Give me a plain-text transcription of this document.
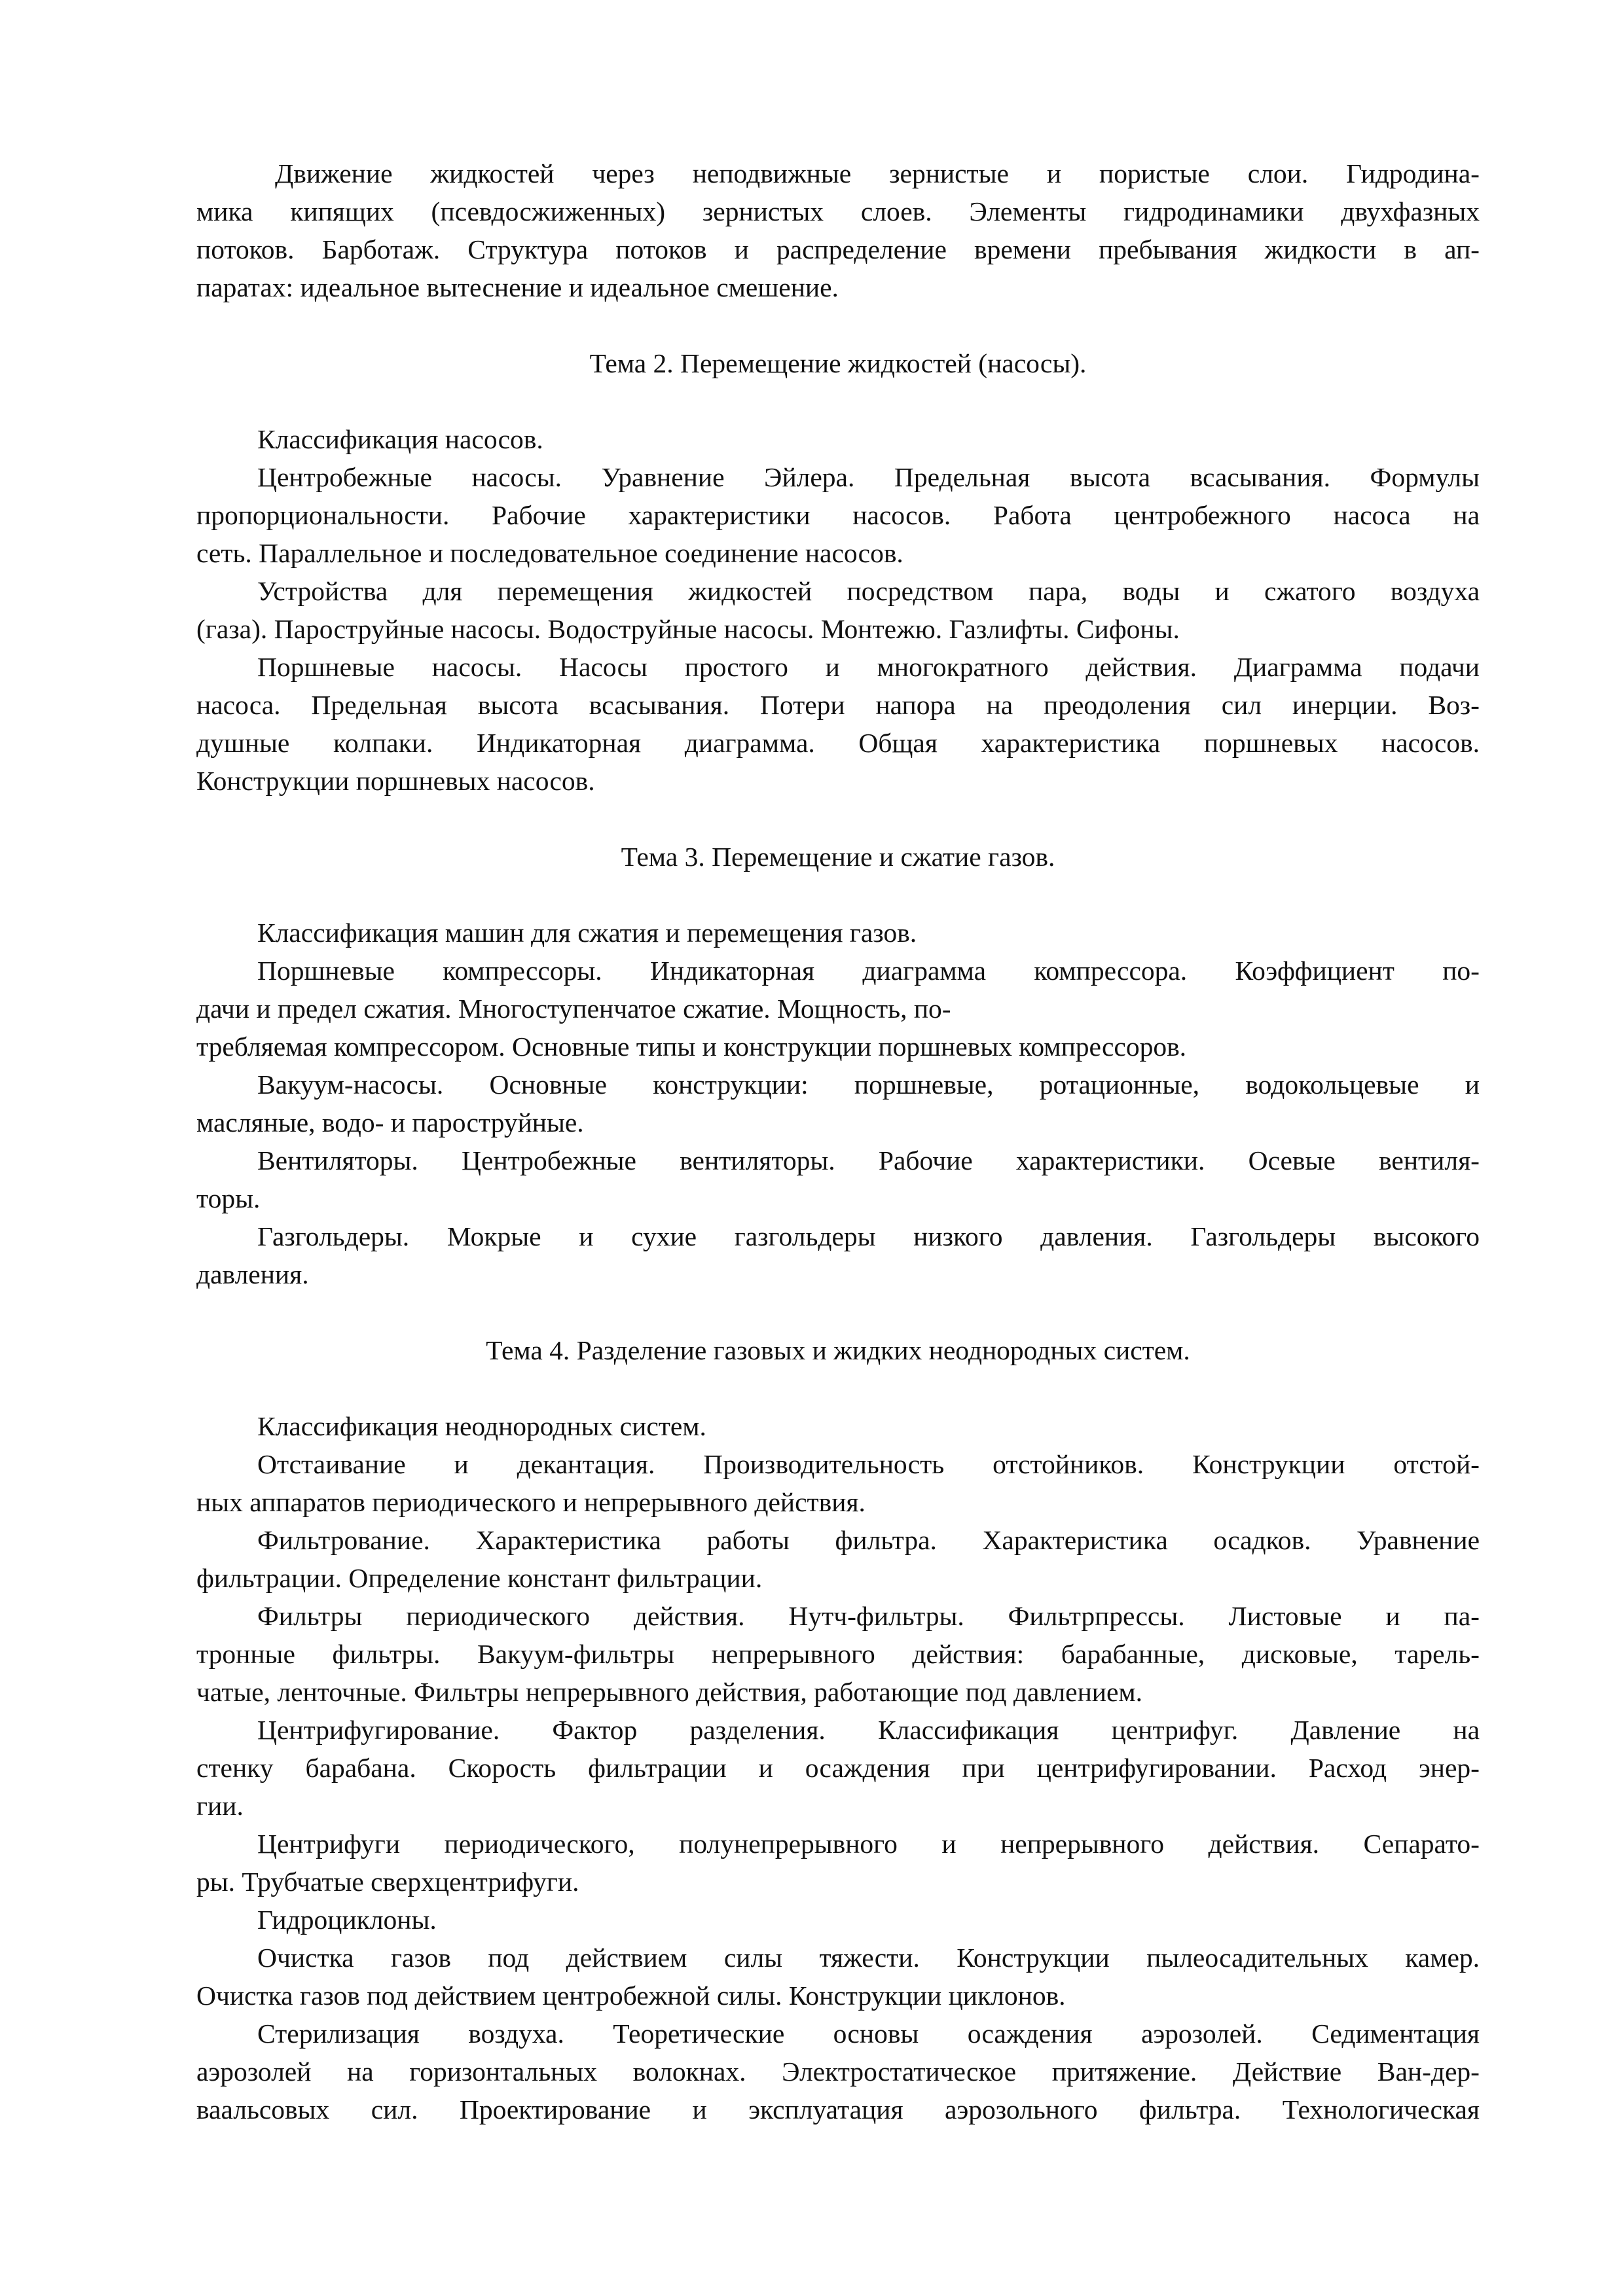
Движение жидкостей через неподвижные зернистые и пористые слои. Гидродина-
мика кипящих (псевдосжиженных) зернистых слоев. Элементы гидродинамики двухфазных
потоков. Барботаж. Структура потоков и распределение времени пребывания жидкости в ап-
паратах: идеальное вытеснение и идеальное смешение.
Тема 2. Перемещение жидкостей (насосы).
Классификация насосов.
Центробежные насосы. Уравнение Эйлера. Предельная высота всасывания. Формулы
пропорциональности. Рабочие характеристики насосов. Работа центробежного насоса на
сеть. Параллельное и последовательное соединение насосов.
Устройства для перемещения жидкостей посредством пара, воды и сжатого воздуха
(газа). Пароструйные насосы. Водоструйные насосы. Монтежю. Газлифты. Сифоны.
Поршневые насосы. Насосы простого и многократного действия. Диаграмма подачи
насоса. Предельная высота всасывания. Потери напора на преодоления сил инерции. Воз-
душные колпаки. Индикаторная диаграмма. Общая характеристика поршневых насосов.
Конструкции поршневых насосов.
Тема 3. Перемещение и сжатие газов.
Классификация машин для сжатия и перемещения газов.
Поршневые компрессоры. Индикаторная диаграмма компрессора. Коэффициент по-
дачи и предел сжатия. Многоступенчатое сжатие. Мощность, по-
требляемая компрессором. Основные типы и конструкции поршневых компрессоров.
Вакуум-насосы. Основные конструкции: поршневые, ротационные, водокольцевые и
масляные, водо- и пароструйные.
Вентиляторы. Центробежные вентиляторы. Рабочие характеристики. Осевые вентиля-
торы.
Газгольдеры. Мокрые и сухие газгольдеры низкого давления. Газгольдеры высокого
давления.
Тема 4. Разделение газовых и жидких неоднородных систем.
Классификация неоднородных систем.
Отстаивание и декантация. Производительность отстойников. Конструкции отстой-
ных аппаратов периодического и непрерывного действия.
Фильтрование. Характеристика работы фильтра. Характеристика осадков. Уравнение
фильтрации. Определение констант фильтрации.
Фильтры периодического действия. Нутч-фильтры. Фильтрпрессы. Листовые и па-
тронные фильтры. Вакуум-фильтры непрерывного действия: барабанные, дисковые, тарель-
чатые, ленточные. Фильтры непрерывного действия, работающие под давлением.
Центрифугирование. Фактор разделения. Классификация центрифуг. Давление на
стенку барабана. Скорость фильтрации и осаждения при центрифугировании. Расход энер-
гии.
Центрифуги периодического, полунепрерывного и непрерывного действия. Сепарато-
ры. Трубчатые сверхцентрифуги.
Гидроциклоны.
Очистка газов под действием силы тяжести. Конструкции пылеосадительных камер.
Очистка газов под действием центробежной силы. Конструкции циклонов.
Стерилизация воздуха. Теоретические основы осаждения аэрозолей. Седиментация
аэрозолей на горизонтальных волокнах. Электростатическое притяжение. Действие Ван-дер-
ваальсовых сил. Проектирование и эксплуатация аэрозольного фильтра. Технологическая
